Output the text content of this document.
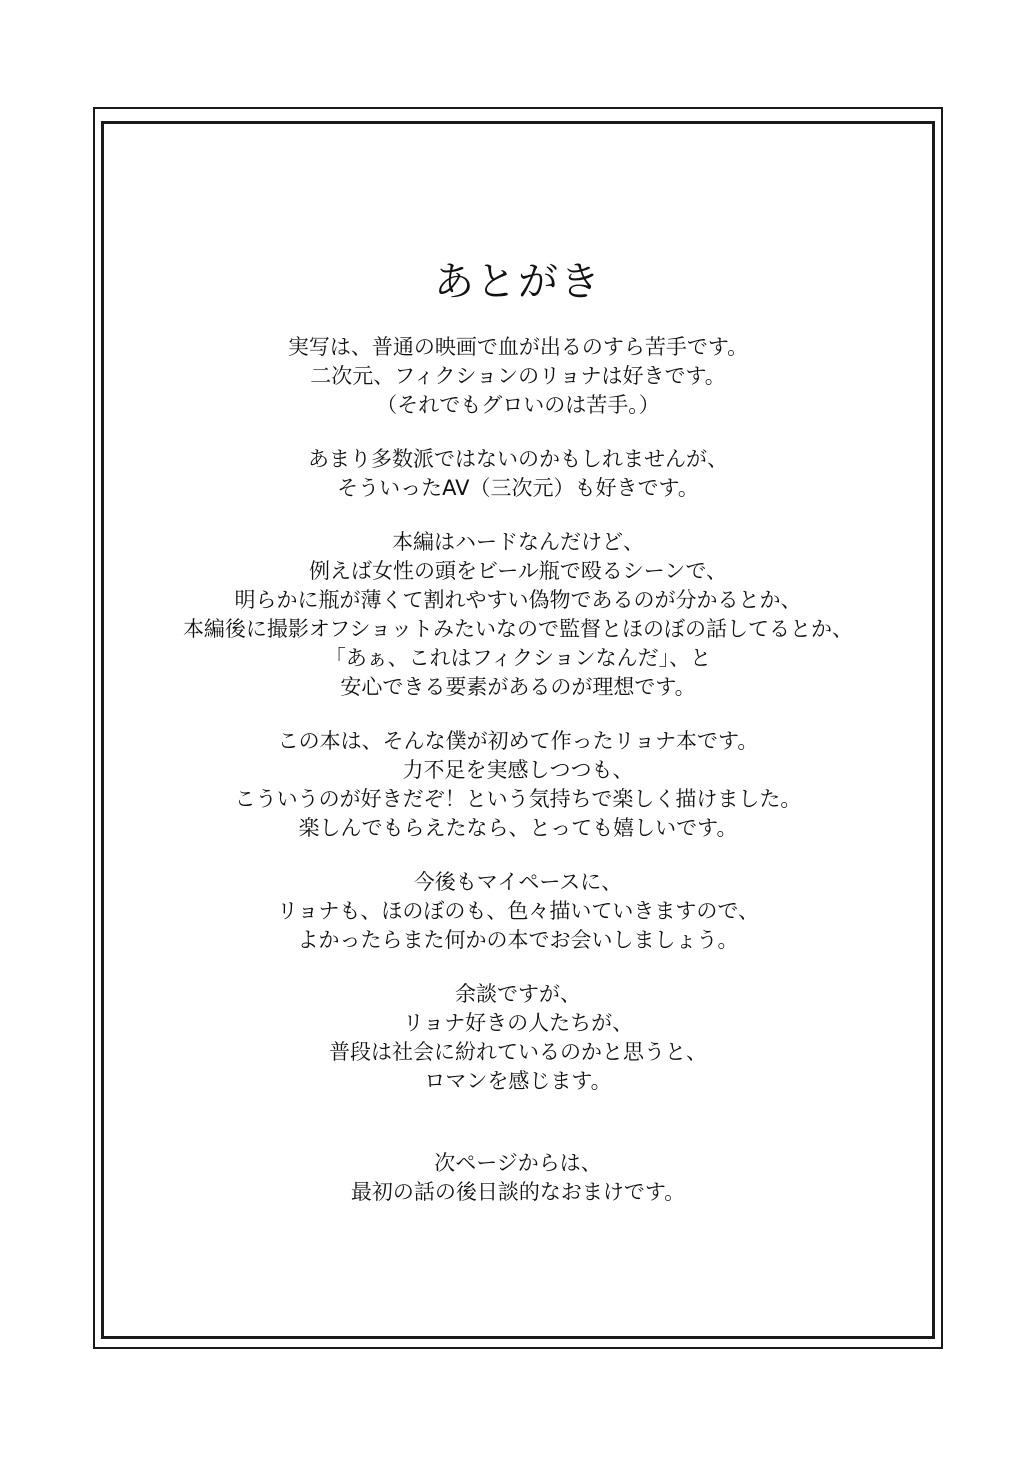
あとがき

実写は、普通の映画で血が出るのすら苦手です。
二次元、フィクションのリョナは好きです。
（それでもグロいのは苦手。）

あまり多数派ではないのかもしれませんが、
そういったAV（三次元）も好きです。

本編はハードなんだけど、
例えば女性の頭をビール瓶で殴るシーンで、
明らかに瓶が薄くて割れやすい偽物であるのが分かるとか、
本編後に撮影オフショットみたいなので監督とほのぼの話してるとか、
「あぁ、これはフィクションなんだ」、と
安心できる要素があるのが理想です。

この本は、そんな僕が初めて作ったリョナ本です。
力不足を実感しつつも、
こういうのが好きだぞ！という気持ちで楽しく描けました。
楽しんでもらえたなら、とっても嬉しいです。

今後もマイペースに、
リョナも、ほのぼのも、色々描いていきますので、
よかったらまた何かの本でお会いしましょう。

余談ですが、
リョナ好きの人たちが、
普段は社会に紛れているのかと思うと、
ロマンを感じます。

次ページからは、
最初の話の後日談的なおまけです。
